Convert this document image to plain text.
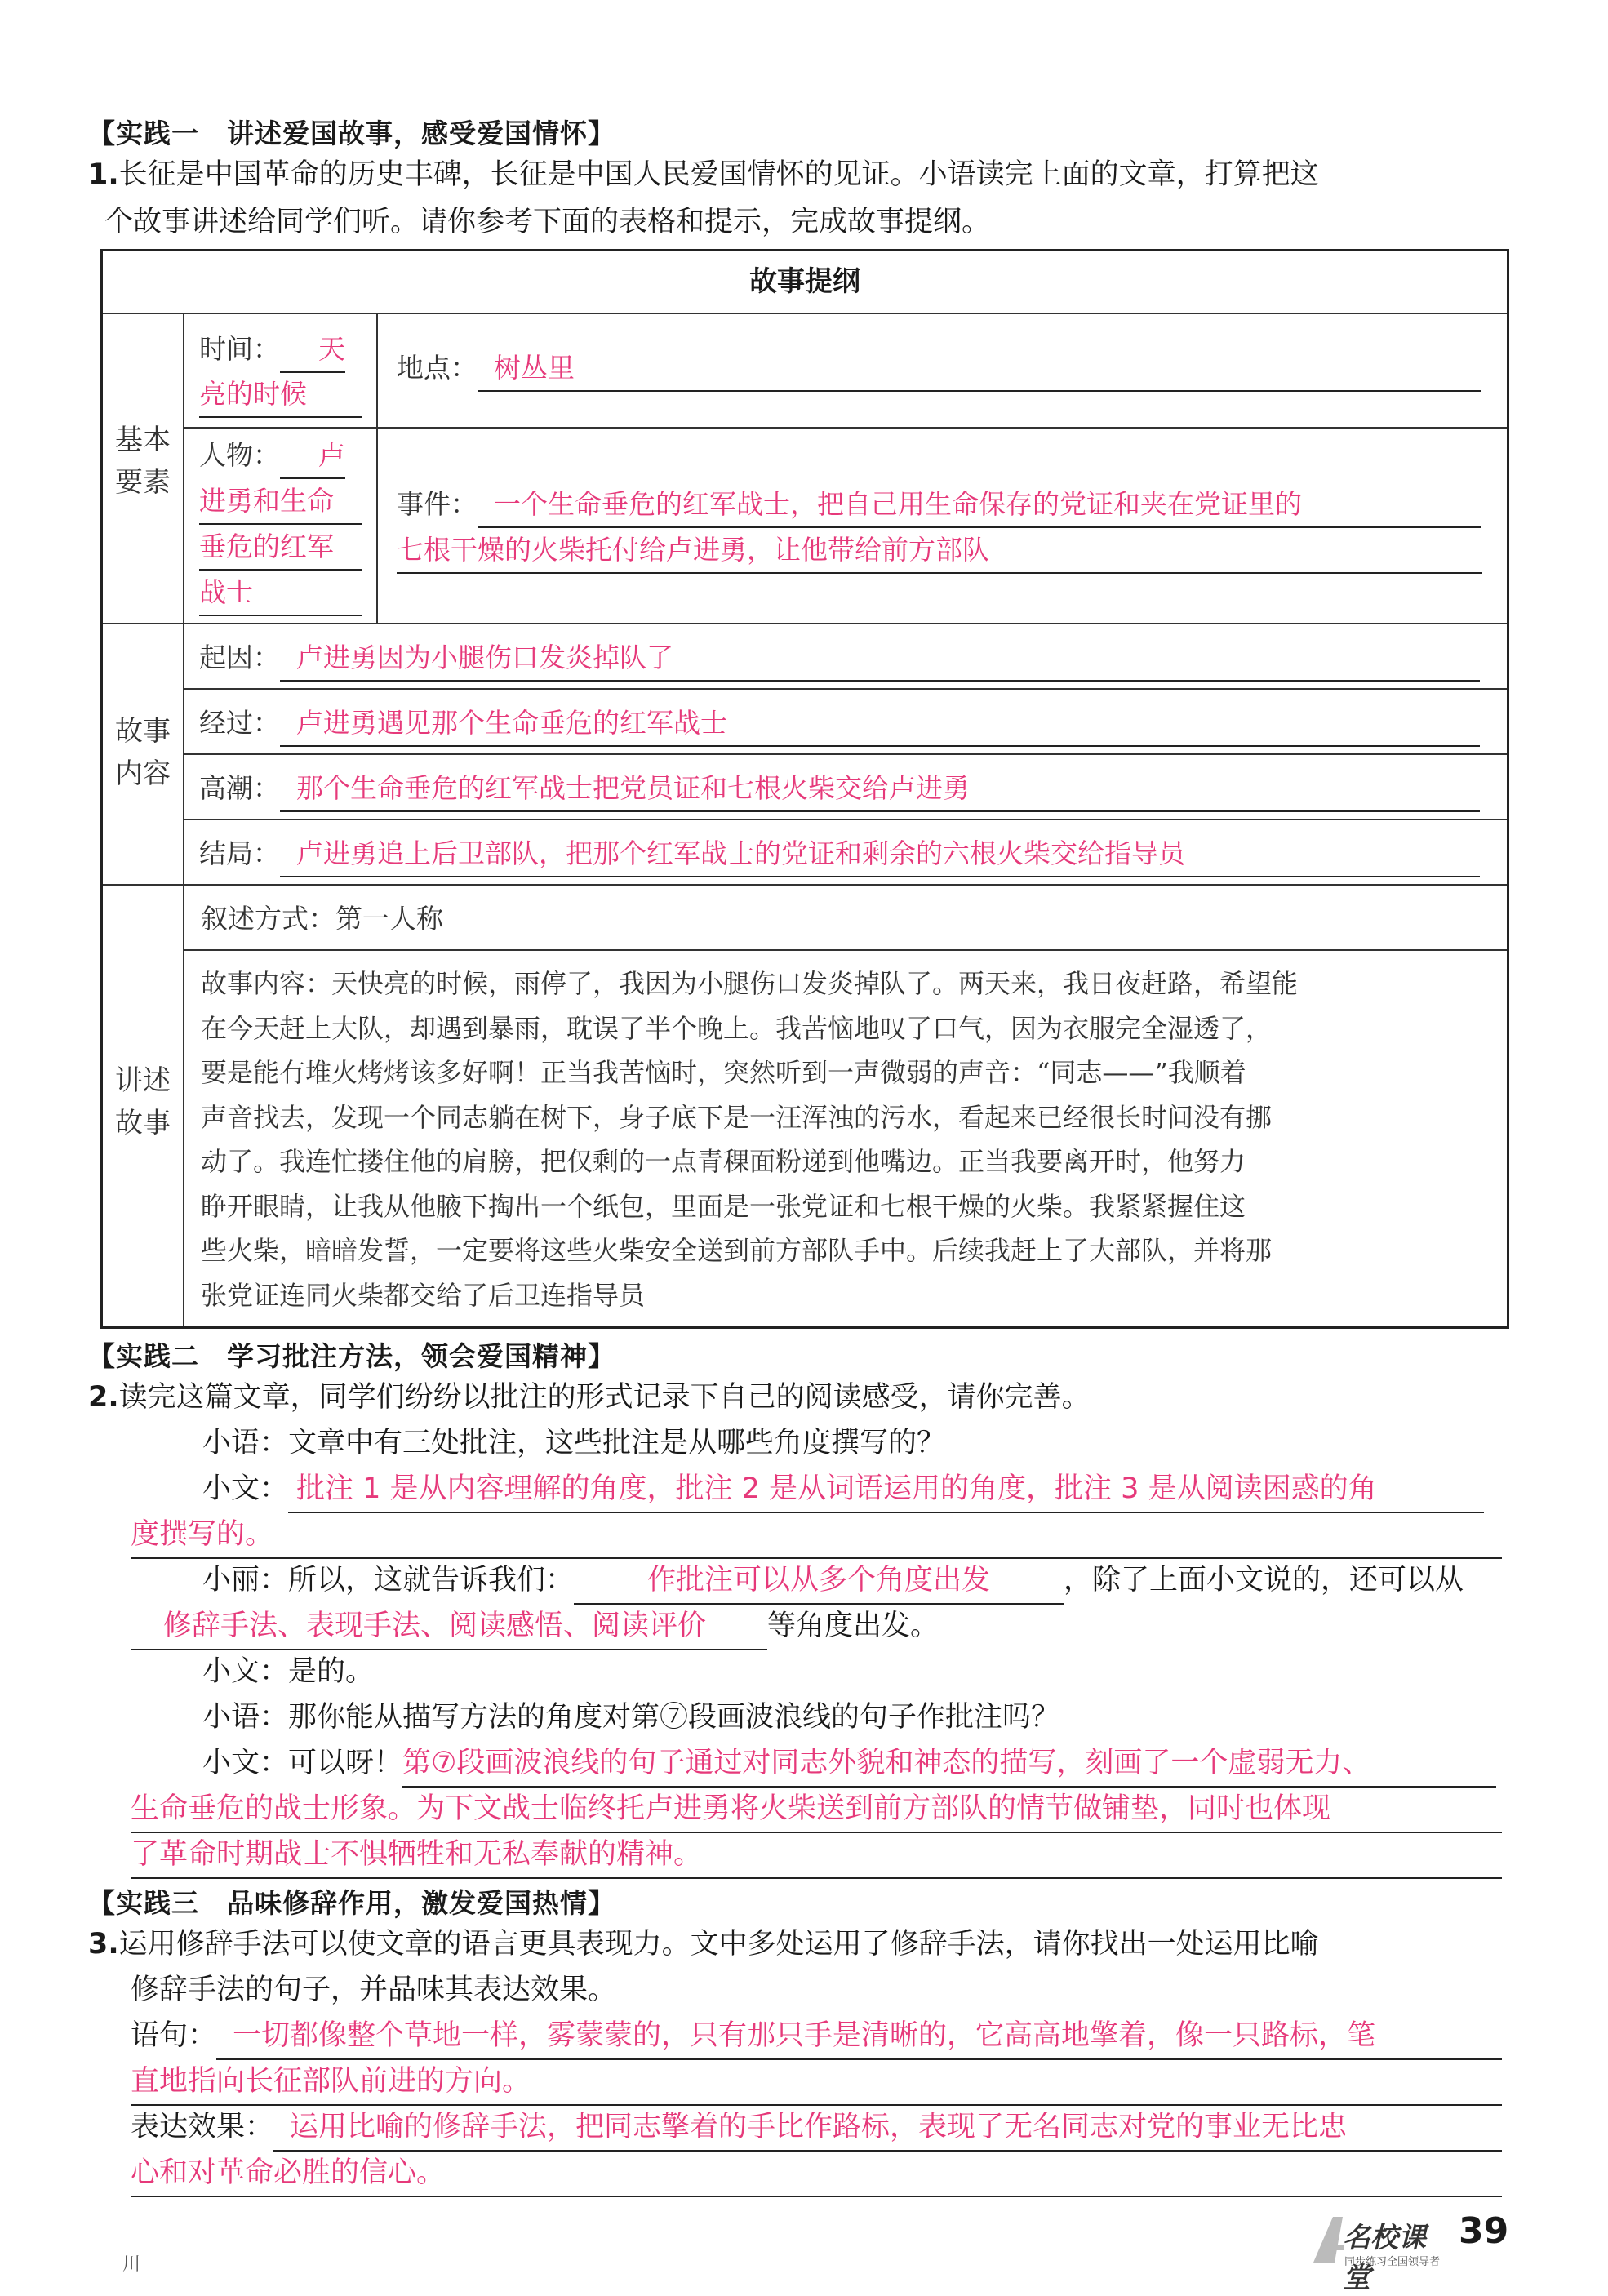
【实践一　讲述爱国故事，感受爱国情怀】
1.长征是中国革命的历史丰碑，长征是中国人民爱国情怀的见证。小语读完上面的文章，打算把这
个故事讲述给同学们听。请你参考下面的表格和提示，完成故事提纲。
故事提纲
基本
要素
时间： 天
亮的时候
地点： 树丛里
人物： 卢
进勇和生命
垂危的红军
战士
事件： 一个生命垂危的红军战士，把自己用生命保存的党证和夹在党证里的
七根干燥的火柴托付给卢进勇，让他带给前方部队
故事
内容
起因： 卢进勇因为小腿伤口发炎掉队了
经过： 卢进勇遇见那个生命垂危的红军战士
高潮： 那个生命垂危的红军战士把党员证和七根火柴交给卢进勇
结局： 卢进勇追上后卫部队，把那个红军战士的党证和剩余的六根火柴交给指导员
讲述
故事
叙述方式：第一人称

故事内容：天快亮的时候，雨停了，我因为小腿伤口发炎掉队了。两天来，我日夜赶路，希望能

在今天赶上大队，却遇到暴雨，耽误了半个晚上。我苦恼地叹了口气，因为衣服完全湿透了，

要是能有堆火烤烤该多好啊！正当我苦恼时，突然听到一声微弱的声音：“同志——”我顺着

声音找去，发现一个同志躺在树下，身子底下是一汪浑浊的污水，看起来已经很长时间没有挪

动了。我连忙搂住他的肩膀，把仅剩的一点青稞面粉递到他嘴边。正当我要离开时，他努力

睁开眼睛，让我从他腋下掏出一个纸包，里面是一张党证和七根干燥的火柴。我紧紧握住这

些火柴，暗暗发誓，一定要将这些火柴安全送到前方部队手中。后续我赶上了大部队，并将那

张党证连同火柴都交给了后卫连指导员

【实践二　学习批注方法，领会爱国精神】
2.读完这篇文章，同学们纷纷以批注的形式记录下自己的阅读感受，请你完善。
小语：文章中有三处批注，这些批注是从哪些角度撰写的？
小文： 批注 1 是从内容理解的角度，批注 2 是从词语运用的角度，批注 3 是从阅读困惑的角
度撰写的。
小丽：所以，这就告诉我们：	作批注可以从多个角度出发	，除了上面小文说的，还可以从
修辞手法、表现手法、阅读感悟、阅读评价 等角度出发。
小文：是的。
小语：那你能从描写方法的角度对第⑦段画波浪线的句子作批注吗？
小文：可以呀！第⑦段画波浪线的句子通过对同志外貌和神态的描写，刻画了一个虚弱无力、
生命垂危的战士形象。为下文战士临终托卢进勇将火柴送到前方部队的情节做铺垫，同时也体现
了革命时期战士不惧牺牲和无私奉献的精神。
【实践三　品味修辞作用，激发爱国热情】
3.运用修辞手法可以使文章的语言更具表现力。文中多处运用了修辞手法，请你找出一处运用比喻
修辞手法的句子，并品味其表达效果。
语句： 一切都像整个草地一样，雾蒙蒙的，只有那只手是清晰的，它高高地擎着，像一只路标，笔
直地指向长征部队前进的方向。
表达效果： 运用比喻的修辞手法，把同志擎着的手比作路标，表现了无名同志对党的事业无比忠
心和对革命必胜的信心。
川
名校课堂
同步练习全国领导者
39
